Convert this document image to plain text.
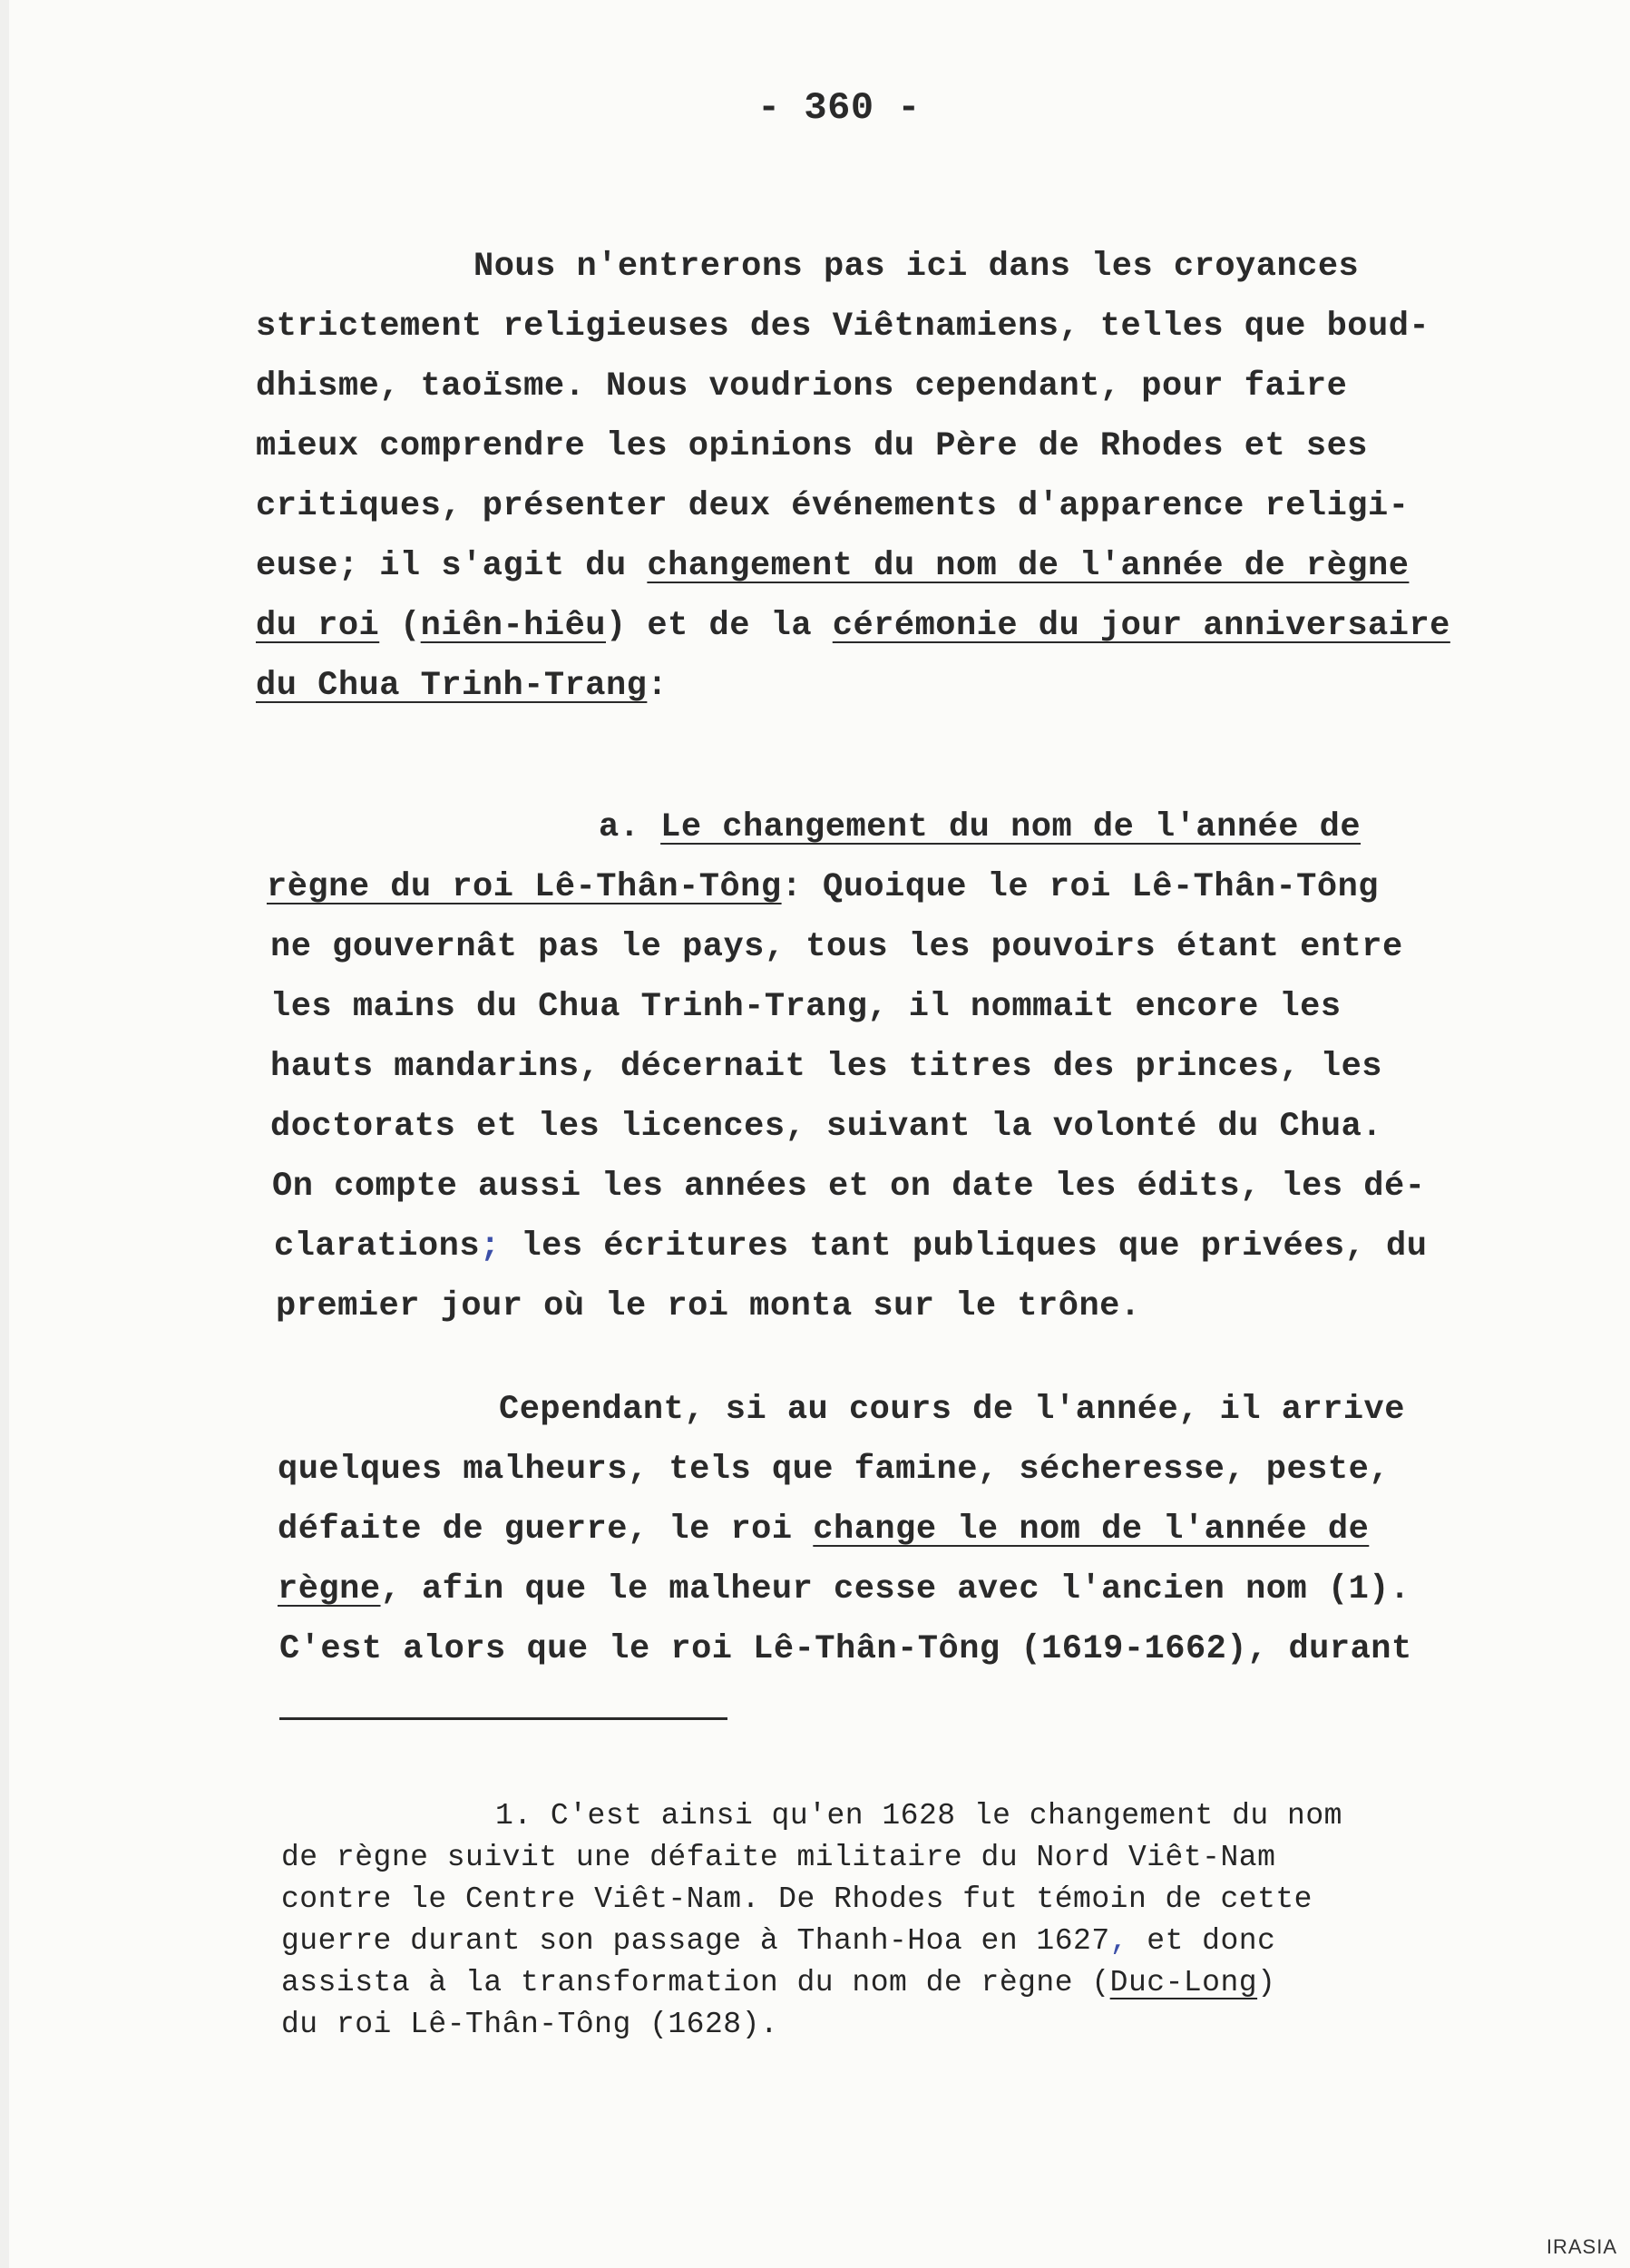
- 360 -
Nous n'entrerons pas ici dans les croyances
strictement religieuses des Viêtnamiens, telles que boud-
dhisme, taoïsme. Nous voudrions cependant, pour faire
mieux comprendre les opinions du Père de Rhodes et ses
critiques, présenter deux événements d'apparence religi-
euse; il s'agit du changement du nom de l'année de règne
du roi (niên-hiêu) et de la cérémonie du jour anniversaire
du Chua Trinh-Trang:
a. Le changement du nom de l'année de
règne du roi Lê-Thân-Tông: Quoique le roi Lê-Thân-Tông
ne gouvernât pas le pays, tous les pouvoirs étant entre
les mains du Chua Trinh-Trang, il nommait encore les
hauts mandarins, décernait les titres des princes, les
doctorats et les licences, suivant la volonté du Chua.
On compte aussi les années et on date les édits, les dé-
clarations; les écritures tant publiques que privées, du
premier jour où le roi monta sur le trône.
Cependant, si au cours de l'année, il arrive
quelques malheurs, tels que famine, sécheresse, peste,
défaite de guerre, le roi change le nom de l'année de
règne, afin que le malheur cesse avec l'ancien nom (1).
C'est alors que le roi Lê-Thân-Tông (1619-1662), durant
1. C'est ainsi qu'en 1628 le changement du nom
de règne suivit une défaite militaire du Nord Viêt-Nam
contre le Centre Viêt-Nam. De Rhodes fut témoin de cette
guerre durant son passage à Thanh-Hoa en 1627, et donc
assista à la transformation du nom de règne (Duc-Long)
du roi Lê-Thân-Tông (1628).
IRASIA
